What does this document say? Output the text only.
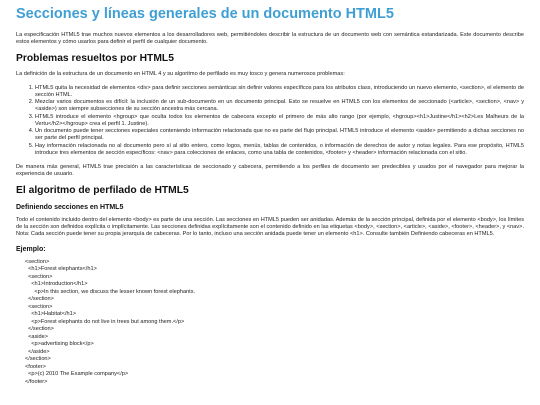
Secciones y líneas generales de un documento HTML5

La especificación HTML5 trae muchos nuevos elementos a los desarrolladores web, permitiéndoles describir la estructura de un documento web con semántica estandarizada. Este documento describe estos elementos y cómo usarlos para definir el perfil de cualquier documento.

Problemas resueltos por HTML5

La definición de la estructura de un documento en HTML 4 y su algoritmo de perfilado es muy tosco y genera numerosos problemas:

1. HTML5 quita la necesidad de elementos <div> para definir secciones semánticas sin definir valores específicos para los atributos class, introduciendo un nuevo elemento, <section>, el elemento de sección HTML.
2. Mezclar varios documentos es difícil: la inclusión de un sub-documento en un documento principal. Esto se resuelve en HTML5 con los elementos de seccionado (<article>, <section>, <nav> y <aside>) son siempre subsecciones de su sección ancestra más cercana.
3. HTML5 introduce el elemento <hgroup> que oculta todos los elementos de cabecera excepto el primero de más alto rango (por ejemplo, <hgroup><h1>Justine</h1><h2>Les Malheurs de la Vertu</h2></hgroup> crea el perfil 1. Justine).
4. Un documento puede tener secciones especiales conteniendo información relacionada que no es parte del flujo principal. HTML5 introduce el elemento <aside> permitiendo a dichas secciones no ser parte del perfil principal.
5. Hay información relacionada no al documento pero sí al sitio entero, como logos, menús, tablas de contenidos, o información de derechos de autor y notas legales. Para ese propósito, HTML5 introduce tres elementos de sección específicos: <nav> para colecciones de enlaces, como una tabla de contenidos, <footer> y <header> información relacionada con el sitio.

De manera más general, HTML5 trae precisión a las características de seccionado y cabecera, permitiendo a los perfiles de documento ser predecibles y usados por el navegador para mejorar la experiencia de usuario.

El algoritmo de perfilado de HTML5
Definiendo secciones en HTML5

Todo el contenido incluido dentro del elemento <body> es parte de una sección. Las secciones en HTML5 pueden ser anidadas. Además de la sección principal, definida por el elemento <body>, los límites de la sección son definidos explícita o implícitamente. Las secciones definidas explícitamente son el contenido definido en las etiquetas <body>, <section>, <article>, <aside>, <footer>, <header>, y <nav>. Nota: Cada sección puede tener su propia jerarquía de cabeceras. Por lo tanto, incluso una sección anidada puede tener un elemento <h1>. Consulte también Definiendo cabeceras en HTML5.

Ejemplo:
<section>
<h1>Forest elephants</h1>
<section>
<h1>Introduction</h1>
<p>In this section, we discuss the lesser known forest elephants.
</section>
<section>
<h1>Habitat</h1>
<p>Forest elephants do not live in trees but among them.</p>
</section>
<aside>
<p>advertising block</p>
</aside>
</section>
<footer>
<p>(c) 2010 The Example company</p>
</footer>
